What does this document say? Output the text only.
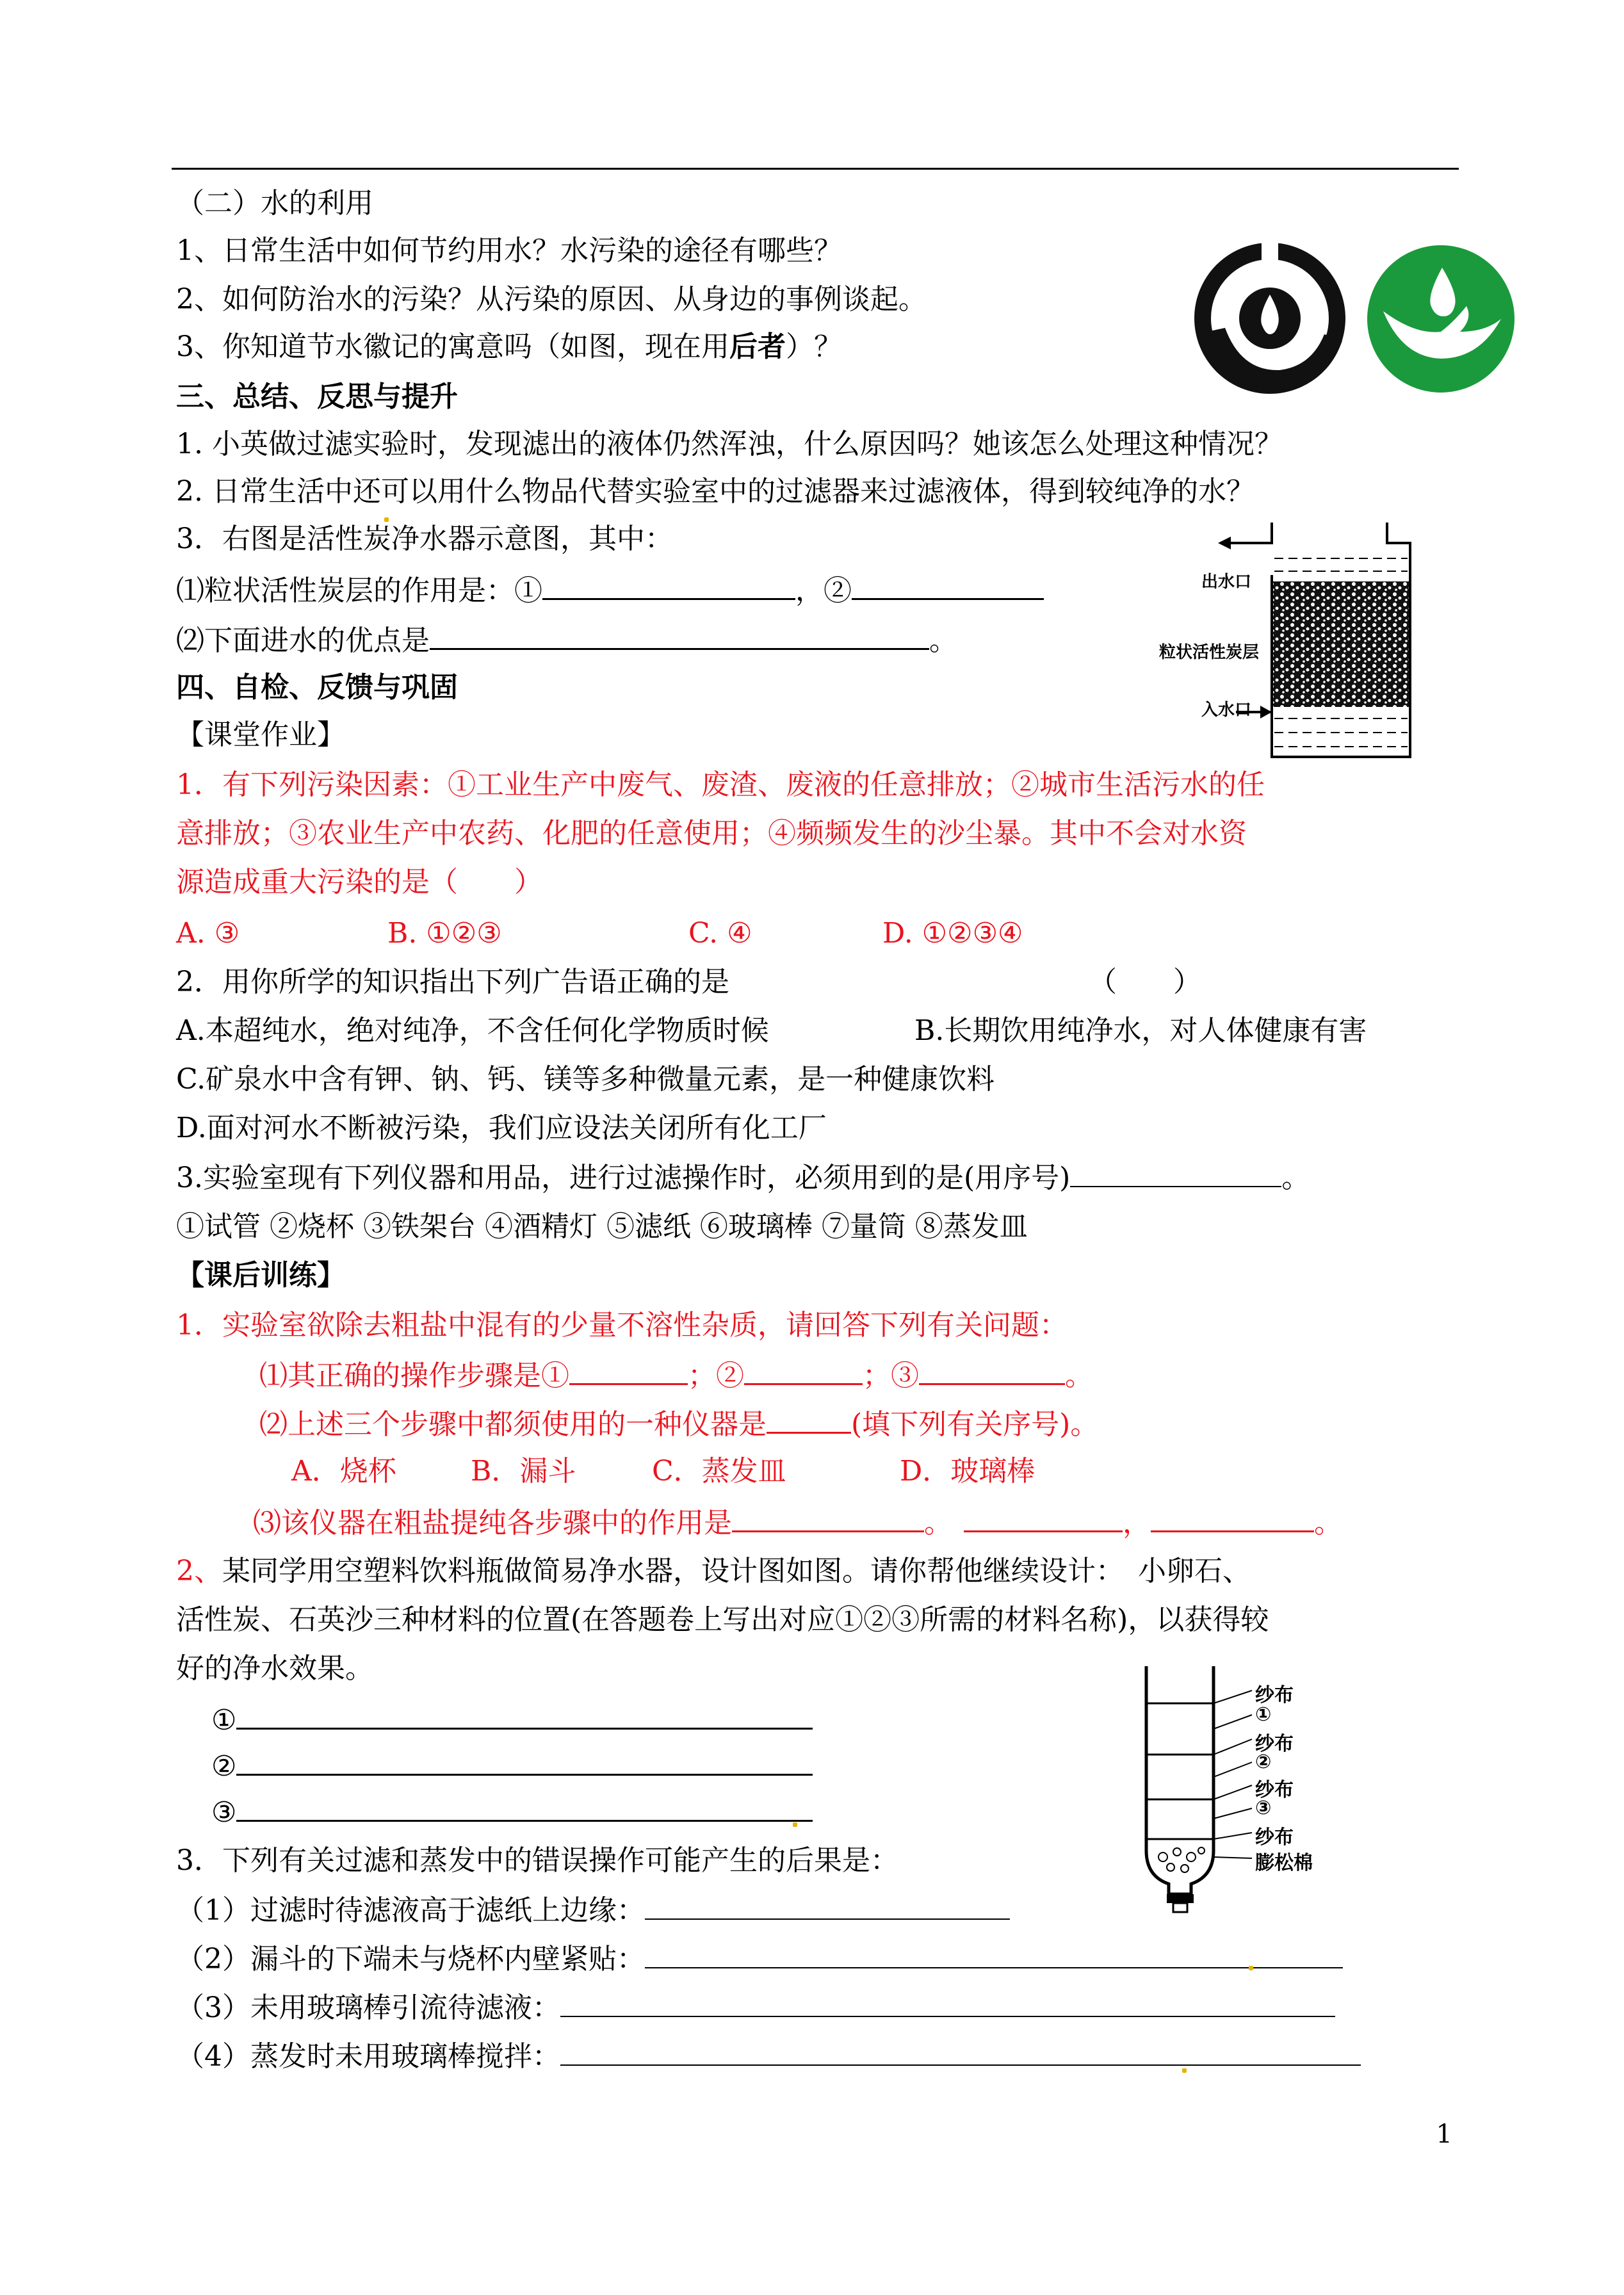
（二）水的利用
1、日常生活中如何节约用水？水污染的途径有哪些？
2、如何防治水的污染？从污染的原因、从身边的事例谈起。
3、你知道节水徽记的寓意吗（如图，现在用后者）？
三、总结、反思与提升
1. 小英做过滤实验时，发现滤出的液体仍然浑浊，什么原因吗？她该怎么处理这种情况？
2. 日常生活中还可以用什么物品代替实验室中的过滤器来过滤液体，得到较纯净的水？
3．右图是活性炭净水器示意图，其中：
⑴粒状活性炭层的作用是：①	，②
⑵下面进水的优点是	。
出水口
粒状活性炭层
入水口
四、自检、反馈与巩固
【课堂作业】
1．有下列污染因素：①工业生产中废气、废渣、废液的任意排放；②城市生活污水的任
意排放；③农业生产中农药、化肥的任意使用；④频频发生的沙尘暴。其中不会对水资
源造成重大污染的是（　　）
A. ③	B. ①②③	C. ④	D. ①②③④
2．用你所学的知识指出下列广告语正确的是	（　　）
A.本超纯水，绝对纯净，不含任何化学物质时候	B.长期饮用纯净水，对人体健康有害
C.矿泉水中含有钾、钠、钙、镁等多种微量元素，是一种健康饮料
D.面对河水不断被污染，我们应设法关闭所有化工厂
3.实验室现有下列仪器和用品，进行过滤操作时，必须用到的是(用序号)	。
①试管 ②烧杯 ③铁架台 ④酒精灯 ⑤滤纸 ⑥玻璃棒 ⑦量筒 ⑧蒸发皿
【课后训练】
1．实验室欲除去粗盐中混有的少量不溶性杂质，请回答下列有关问题：
⑴其正确的操作步骤是①	；②	；③	。
⑵上述三个步骤中都须使用的一种仪器是	(填下列有关序号)。
A．烧杯	B．漏斗	C．蒸发皿	D．玻璃棒
⑶该仪器在粗盐提纯各步骤中的作用是	。	，	。
2、某同学用空塑料饮料瓶做简易净水器，设计图如图。请你帮他继续设计：　小卵石、
活性炭、石英沙三种材料的位置(在答题卷上写出对应①②③所需的材料名称)，以获得较
好的净水效果。
①
②
③
纱布
①
纱布
②
纱布
③
纱布
膨松棉
3．下列有关过滤和蒸发中的错误操作可能产生的后果是：
（1）过滤时待滤液高于滤纸上边缘：
（2）漏斗的下端未与烧杯内壁紧贴：
（3）未用玻璃棒引流待滤液：
（4）蒸发时未用玻璃棒搅拌：
1
